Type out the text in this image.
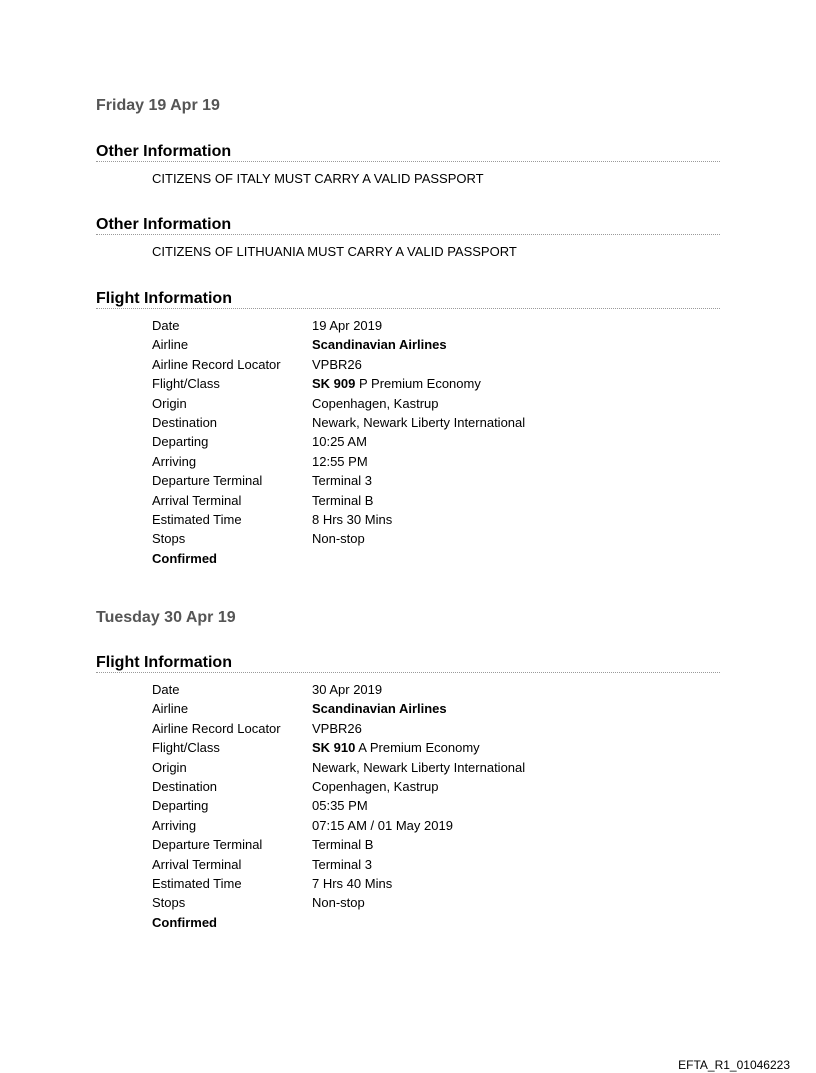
Friday 19 Apr 19
Other Information
CITIZENS OF ITALY MUST CARRY A VALID PASSPORT
Other Information
CITIZENS OF LITHUANIA MUST CARRY A VALID PASSPORT
Flight Information
Date	19 Apr 2019
Airline	Scandinavian Airlines
Airline Record Locator	VPBR26
Flight/Class	SK 909 P Premium Economy
Origin	Copenhagen, Kastrup
Destination	Newark, Newark Liberty International
Departing	10:25 AM
Arriving	12:55 PM
Departure Terminal	Terminal 3
Arrival Terminal	Terminal B
Estimated Time	8 Hrs 30 Mins
Stops	Non-stop
Confirmed
Tuesday 30 Apr 19
Flight Information
Date	30 Apr 2019
Airline	Scandinavian Airlines
Airline Record Locator	VPBR26
Flight/Class	SK 910 A Premium Economy
Origin	Newark, Newark Liberty International
Destination	Copenhagen, Kastrup
Departing	05:35 PM
Arriving	07:15 AM / 01 May 2019
Departure Terminal	Terminal B
Arrival Terminal	Terminal 3
Estimated Time	7 Hrs 40 Mins
Stops	Non-stop
Confirmed
EFTA_R1_01046223
